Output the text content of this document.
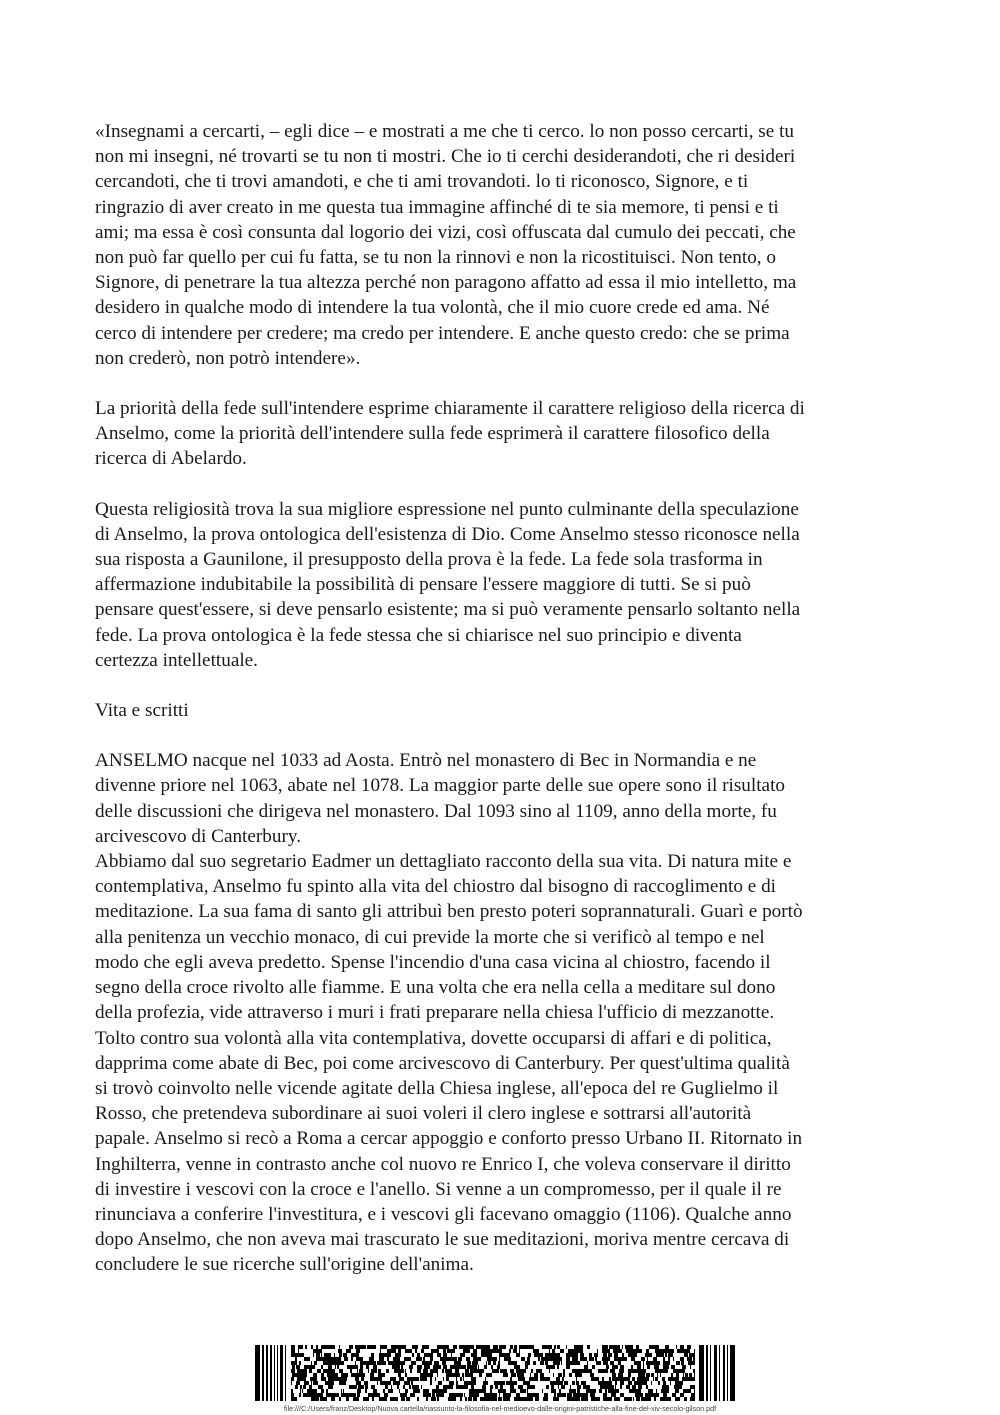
«Insegnami a cercarti, – egli dice – e mostrati a me che ti cerco. lo non posso cercarti, se tu
non mi insegni, né trovarti se tu non ti mostri. Che io ti cerchi desiderandoti, che ri desideri
cercandoti, che ti trovi amandoti, e che ti ami trovandoti. lo ti riconosco, Signore, e ti
ringrazio di aver creato in me questa tua immagine affinché di te sia memore, ti pensi e ti
ami; ma essa è così consunta dal logorio dei vizi, così offuscata dal cumulo dei peccati, che
non può far quello per cui fu fatta, se tu non la rinnovi e non la ricostituisci. Non tento, o
Signore, di penetrare la tua altezza perché non paragono affatto ad essa il mio intelletto, ma
desidero in qualche modo di intendere la tua volontà, che il mio cuore crede ed ama. Né
cerco di intendere per credere; ma credo per intendere. E anche questo credo: che se prima
non crederò, non potrò intendere».

La priorità della fede sull'intendere esprime chiaramente il carattere religioso della ricerca di
Anselmo, come la priorità dell'intendere sulla fede esprimerà il carattere filosofico della
ricerca di Abelardo.

Questa religiosità trova la sua migliore espressione nel punto culminante della speculazione
di Anselmo, la prova ontologica dell'esistenza di Dio. Come Anselmo stesso riconosce nella
sua risposta a Gaunilone, il presupposto della prova è la fede. La fede sola trasforma in
affermazione indubitabile la possibilità di pensare l'essere maggiore di tutti. Se si può
pensare quest'essere, si deve pensarlo esistente; ma si può veramente pensarlo soltanto nella
fede. La prova ontologica è la fede stessa che si chiarisce nel suo principio e diventa
certezza intellettuale.

Vita e scritti

ANSELMO nacque nel 1033 ad Aosta. Entrò nel monastero di Bec in Normandia e ne
divenne priore nel 1063, abate nel 1078. La maggior parte delle sue opere sono il risultato
delle discussioni che dirigeva nel monastero. Dal 1093 sino al 1109, anno della morte, fu
arcivescovo di Canterbury.
Abbiamo dal suo segretario Eadmer un dettagliato racconto della sua vita. Di natura mite e
contemplativa, Anselmo fu spinto alla vita del chiostro dal bisogno di raccoglimento e di
meditazione. La sua fama di santo gli attribuì ben presto poteri soprannaturali. Guarì e portò
alla penitenza un vecchio monaco, di cui previde la morte che si verificò al tempo e nel
modo che egli aveva predetto. Spense l'incendio d'una casa vicina al chiostro, facendo il
segno della croce rivolto alle fiamme. E una volta che era nella cella a meditare sul dono
della profezia, vide attraverso i muri i frati preparare nella chiesa l'ufficio di mezzanotte.
Tolto contro sua volontà alla vita contemplativa, dovette occuparsi di affari e di politica,
dapprima come abate di Bec, poi come arcivescovo di Canterbury. Per quest'ultima qualità
si trovò coinvolto nelle vicende agitate della Chiesa inglese, all'epoca del re Guglielmo il
Rosso, che pretendeva subordinare ai suoi voleri il clero inglese e sottrarsi all'autorità
papale. Anselmo si recò a Roma a cercar appoggio e conforto presso Urbano II. Ritornato in
Inghilterra, venne in contrasto anche col nuovo re Enrico I, che voleva conservare il diritto
di investire i vescovi con la croce e l'anello. Si venne a un compromesso, per il quale il re
rinunciava a conferire l'investitura, e i vescovi gli facevano omaggio (1106). Qualche anno
dopo Anselmo, che non aveva mai trascurato le sue meditazioni, moriva mentre cercava di
concludere le sue ricerche sull'origine dell'anima.

file:///C:/Users/franz/Desktop/Nuova cartella/riassunto-la-filosofia-nel-medioevo-dalle-origini-patristiche-alla-fine-del-xiv-secolo-gilson.pdf
